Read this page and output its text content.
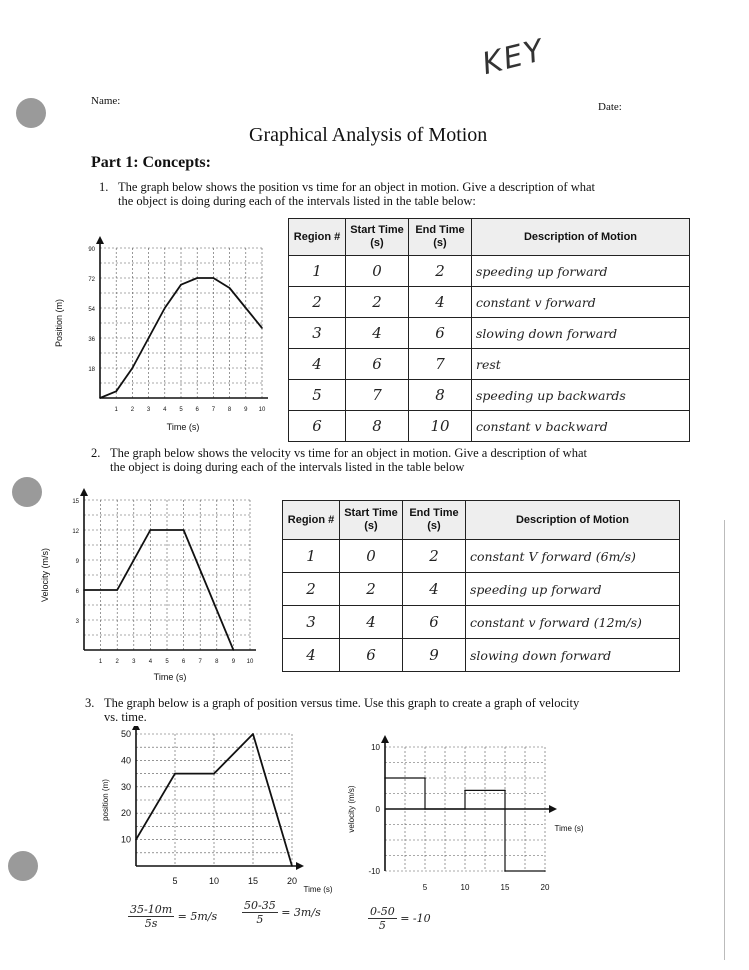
KEY
Name:	Date:
Graphical Analysis of Motion
Part 1: Concepts:
1. The graph below shows the position vs time for an object in motion. Give a description of what
the object is doing during each of the intervals listed in the table below:
1 2 3 4 5 6 7 8 9 10
18
36
54
72
90
Time (s)
Position (m)
Region #	Start Time (s)	End Time (s)	Description of Motion
1	0	2	speeding up forward
2	2	4	constant v forward
3	4	6	slowing down forward
4	6	7	rest
5	7	8	speeding up backwards
6	8	10	constant v backward
2. The graph below shows the velocity vs time for an object in motion. Give a description of what
the object is doing during each of the intervals listed in the table below
1 2 3 4 5 6 7 8 9 10
3
6
9
12
15
Time (s)
Velocity (m/s)
Region #	Start Time (s)	End Time (s)	Description of Motion
1	0	2	constant V forward (6m/s)
2	2	4	speeding up forward
3	4	6	constant v forward (12m/s)
4	6	9	slowing down forward
3. The graph below is a graph of position versus time. Use this graph to create a graph of velocity
vs. time.
5	10	15	20
10
20
30
40
50
Time (s)
position (m)
5	10	15	20
-10
0
10
Time (s)
velocity (m/s)
$\frac{35-10m}{5s} = 5m/s \frac{50-35}{5} = 3m/s$	$\frac{0-50}{5} = -10$
